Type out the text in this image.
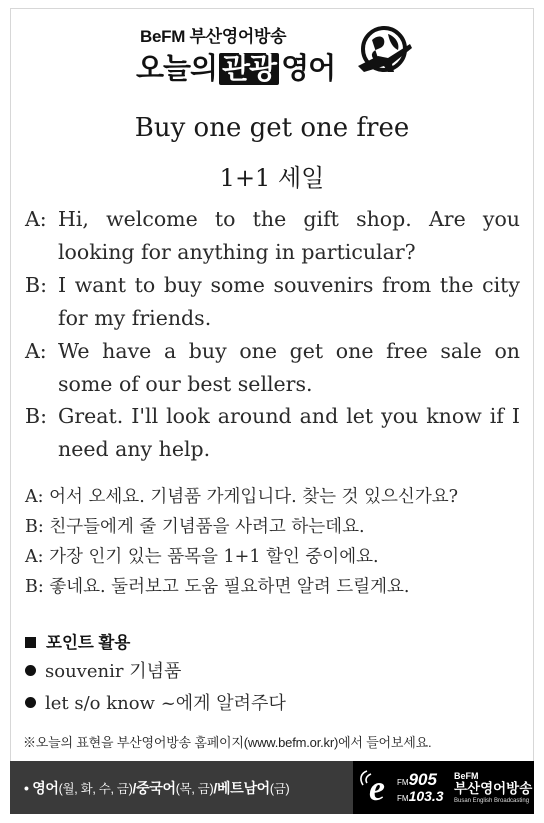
BeFM 부산영어방송
오늘의 관광 영어
Buy one get one free
1+1 세일
A: Hi, welcome to the gift shop. Are you looking for anything in particular?
B: I want to buy some souvenirs from the city for my friends.
A: We have a buy one get one free sale on some of our best sellers.
B: Great. I'll look around and let you know if I need any help.
A: 어서 오세요. 기념품 가게입니다. 찾는 것 있으신가요?
B: 친구들에게 줄 기념품을 사려고 하는데요.
A: 가장 인기 있는 품목을 1+1 할인 중이에요.
B: 좋네요. 둘러보고 도움 필요하면 알려 드릴게요.
포인트 활용
souvenir 기념품
let s/o know ~에게 알려주다
※오늘의 표현을 부산영어방송 홈페이지(www.befm.or.kr)에서 들어보세요.
• 영어(월, 화, 수, 금)/중국어(목, 금)/베트남어(금) e FM905
FM103.3
BeFM
부산영어방송
Busan English Broadcasting
